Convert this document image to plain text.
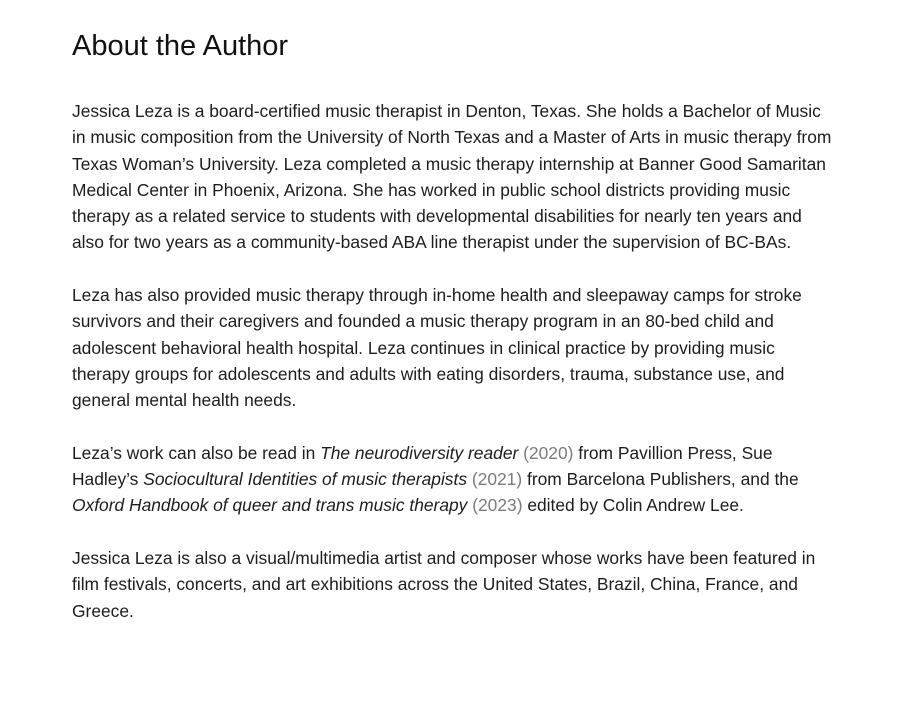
About the Author

Jessica Leza is a board-certified music therapist in Denton, Texas. She holds a Bachelor of Music in music composition from the University of North Texas and a Master of Arts in music therapy from Texas Woman’s University. Leza completed a music therapy internship at Banner Good Samaritan Medical Center in Phoenix, Arizona. She has worked in public school districts providing music therapy as a related service to students with developmental disabilities for nearly ten years and also for two years as a community-based ABA line therapist under the supervision of BC-BAs.

Leza has also provided music therapy through in-home health and sleepaway camps for stroke survivors and their caregivers and founded a music therapy program in an 80-bed child and adolescent behavioral health hospital. Leza continues in clinical practice by providing music therapy groups for adolescents and adults with eating disorders, trauma, substance use, and general mental health needs.

Leza’s work can also be read in The neurodiversity reader (2020) from Pavillion Press, Sue Hadley’s Sociocultural Identities of music therapists (2021) from Barcelona Publishers, and the Oxford Handbook of queer and trans music therapy (2023) edited by Colin Andrew Lee.

Jessica Leza is also a visual/multimedia artist and composer whose works have been featured in film festivals, concerts, and art exhibitions across the United States, Brazil, China, France, and Greece.
